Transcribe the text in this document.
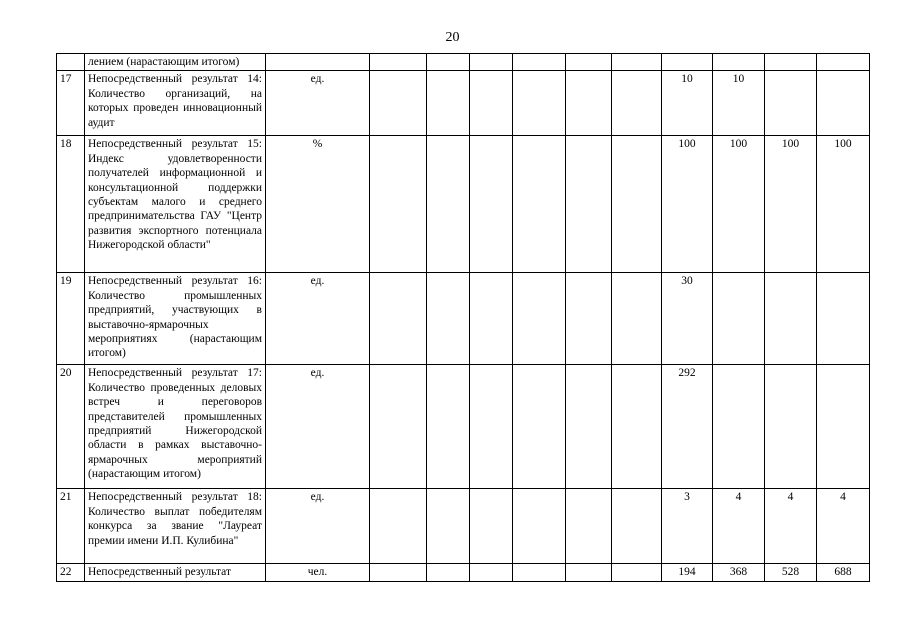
20
	лением (нарастающим итогом)											
17	Непосредственный результат 14: Количество организаций, на которых проведен инновационный аудит	ед.							10	10		
18	Непосредственный результат 15: Индекс удовлетворенности получателей информационной и консультационной поддержки субъектам малого и среднего предпринимательства ГАУ "Центр развития экспортного потенциала Нижегородской области"	%							100	100	100	100
19	Непосредственный результат 16: Количество промышленных предприятий, участвующих в выставочно-ярмарочных мероприятиях (нарастающим итогом)	ед.							30			
20	Непосредственный результат 17: Количество проведенных деловых встреч и переговоров представителей промышленных предприятий Нижегородской области в рамках выставочно-ярмарочных мероприятий (нарастающим итогом)	ед.							292			
21	Непосредственный результат 18: Количество выплат победителям конкурса за звание "Лауреат премии имени И.П. Кулибина"	ед.							3	4	4	4
22	Непосредственный результат	чел.							194	368	528	688
